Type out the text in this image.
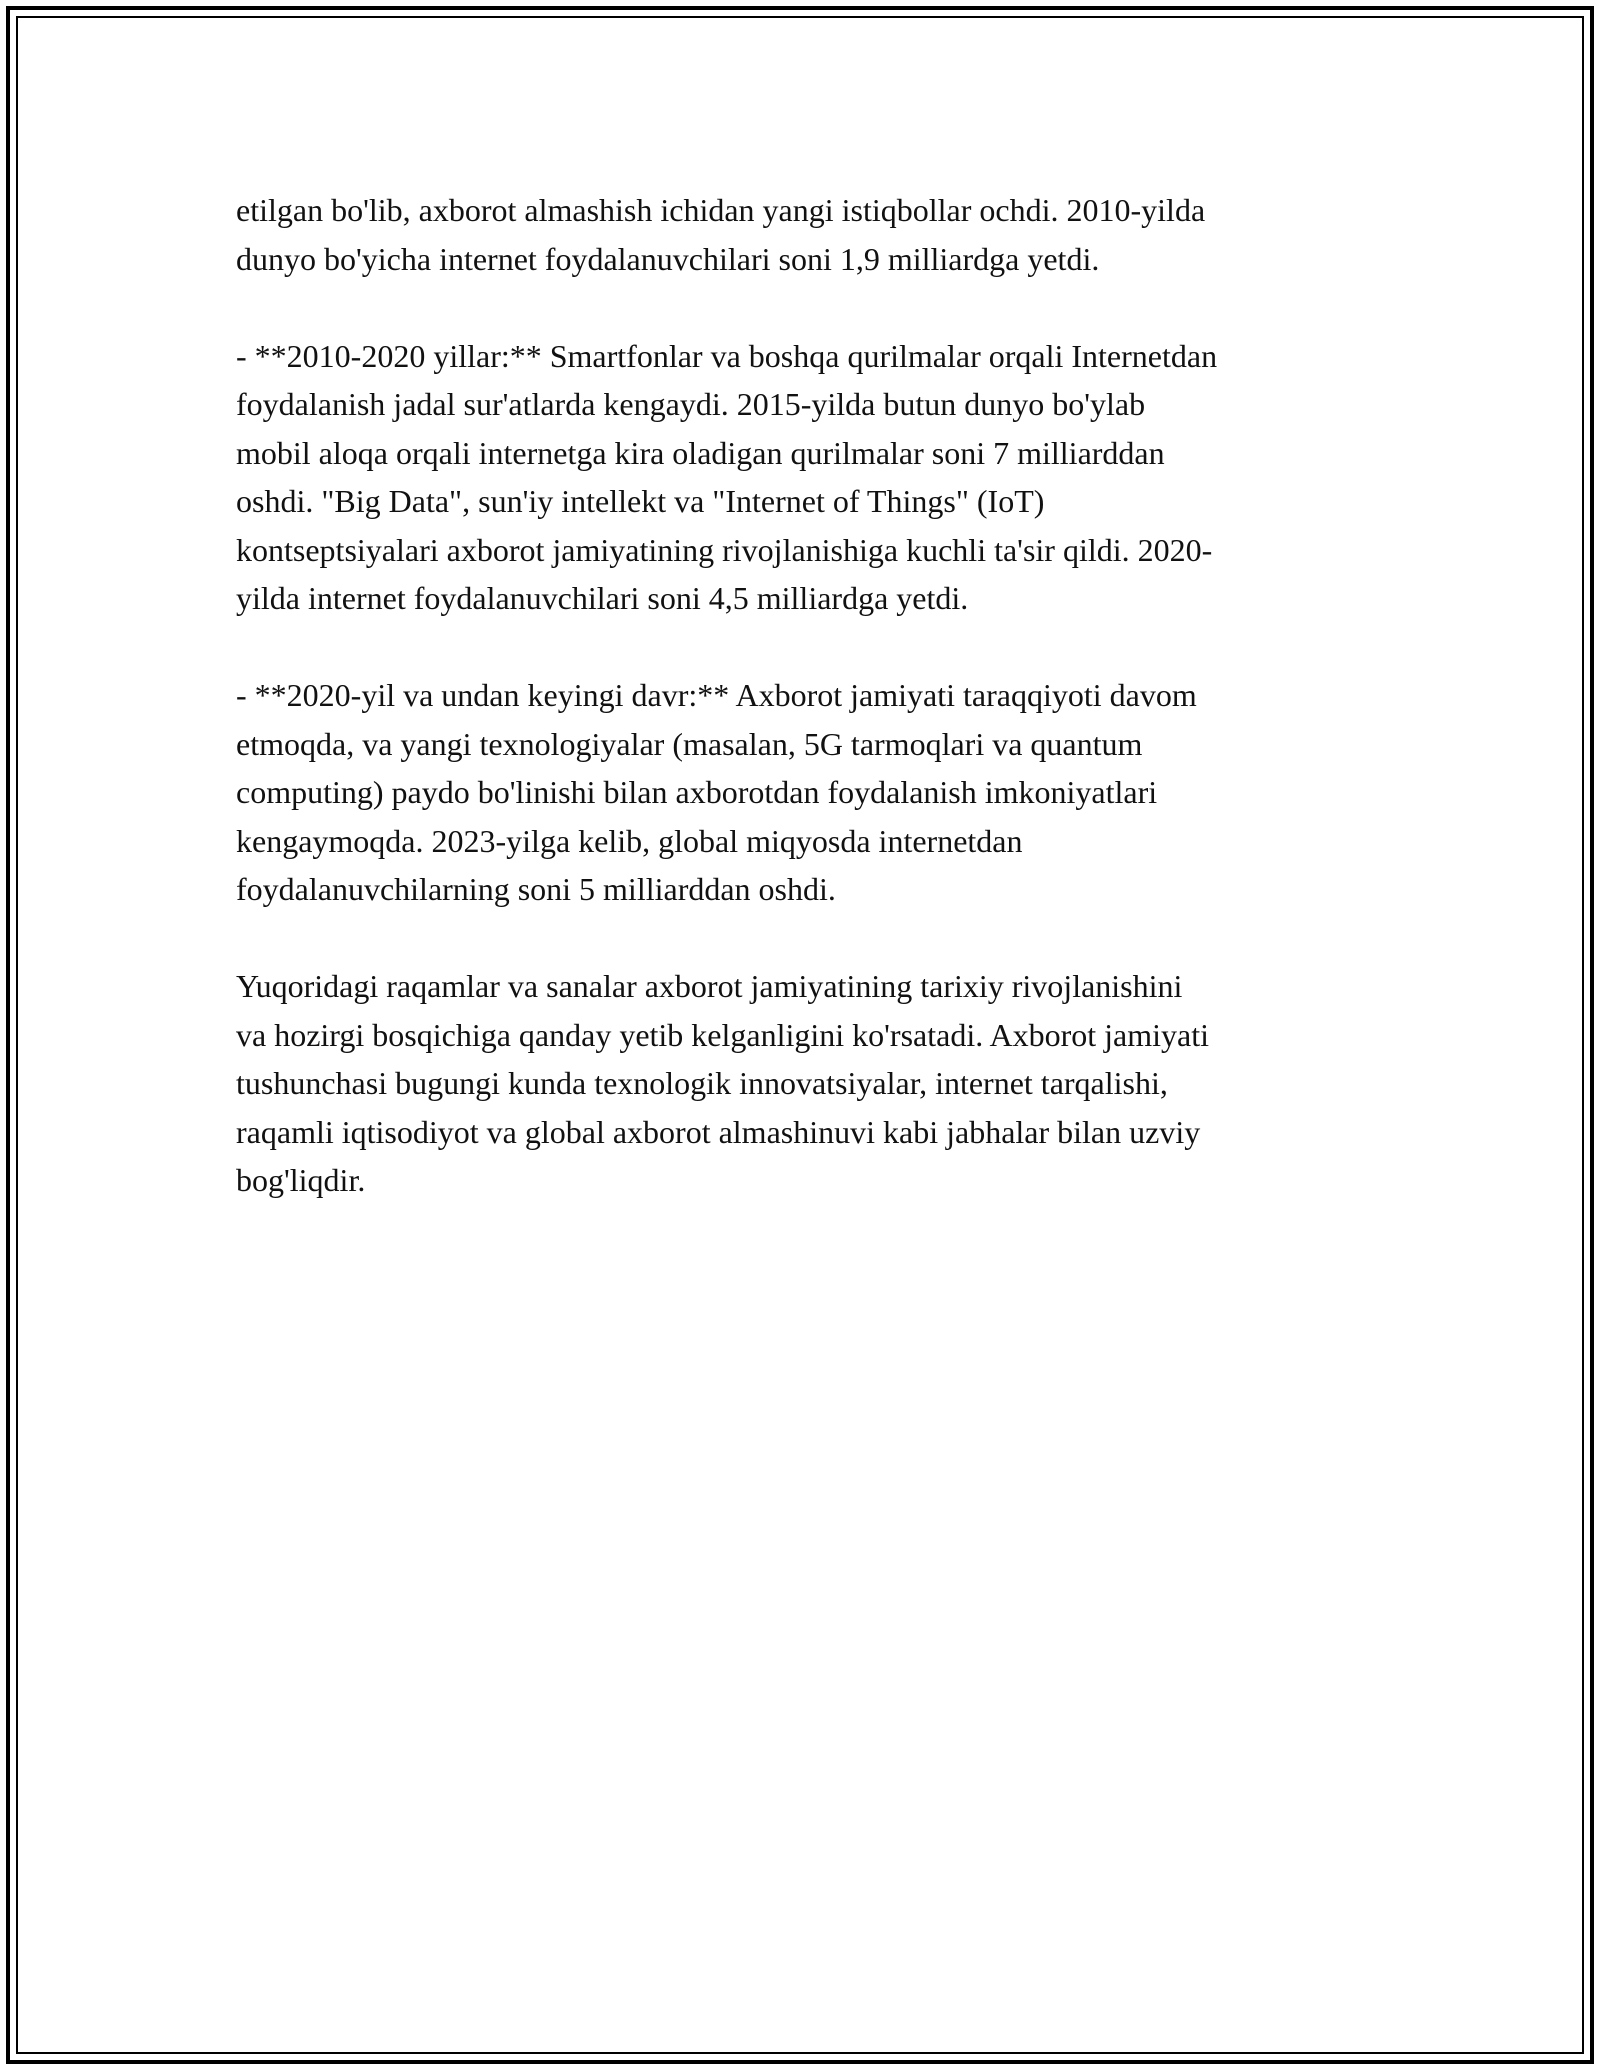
etilgan bo'lib, axborot almashish ichidan yangi istiqbollar ochdi. 2010-yilda
dunyo bo'yicha internet foydalanuvchilari soni 1,9 milliardga yetdi.

- **2010-2020 yillar:** Smartfonlar va boshqa qurilmalar orqali Internetdan
foydalanish jadal sur'atlarda kengaydi. 2015-yilda butun dunyo bo'ylab
mobil aloqa orqali internetga kira oladigan qurilmalar soni 7 milliarddan
oshdi. "Big Data", sun'iy intellekt va "Internet of Things" (IoT)
kontseptsiyalari axborot jamiyatining rivojlanishiga kuchli ta'sir qildi. 2020-
yilda internet foydalanuvchilari soni 4,5 milliardga yetdi.

- **2020-yil va undan keyingi davr:** Axborot jamiyati taraqqiyoti davom
etmoqda, va yangi texnologiyalar (masalan, 5G tarmoqlari va quantum
computing) paydo bo'linishi bilan axborotdan foydalanish imkoniyatlari
kengaymoqda. 2023-yilga kelib, global miqyosda internetdan
foydalanuvchilarning soni 5 milliarddan oshdi.

Yuqoridagi raqamlar va sanalar axborot jamiyatining tarixiy rivojlanishini
va hozirgi bosqichiga qanday yetib kelganligini ko'rsatadi. Axborot jamiyati
tushunchasi bugungi kunda texnologik innovatsiyalar, internet tarqalishi,
raqamli iqtisodiyot va global axborot almashinuvi kabi jabhalar bilan uzviy
bog'liqdir.
